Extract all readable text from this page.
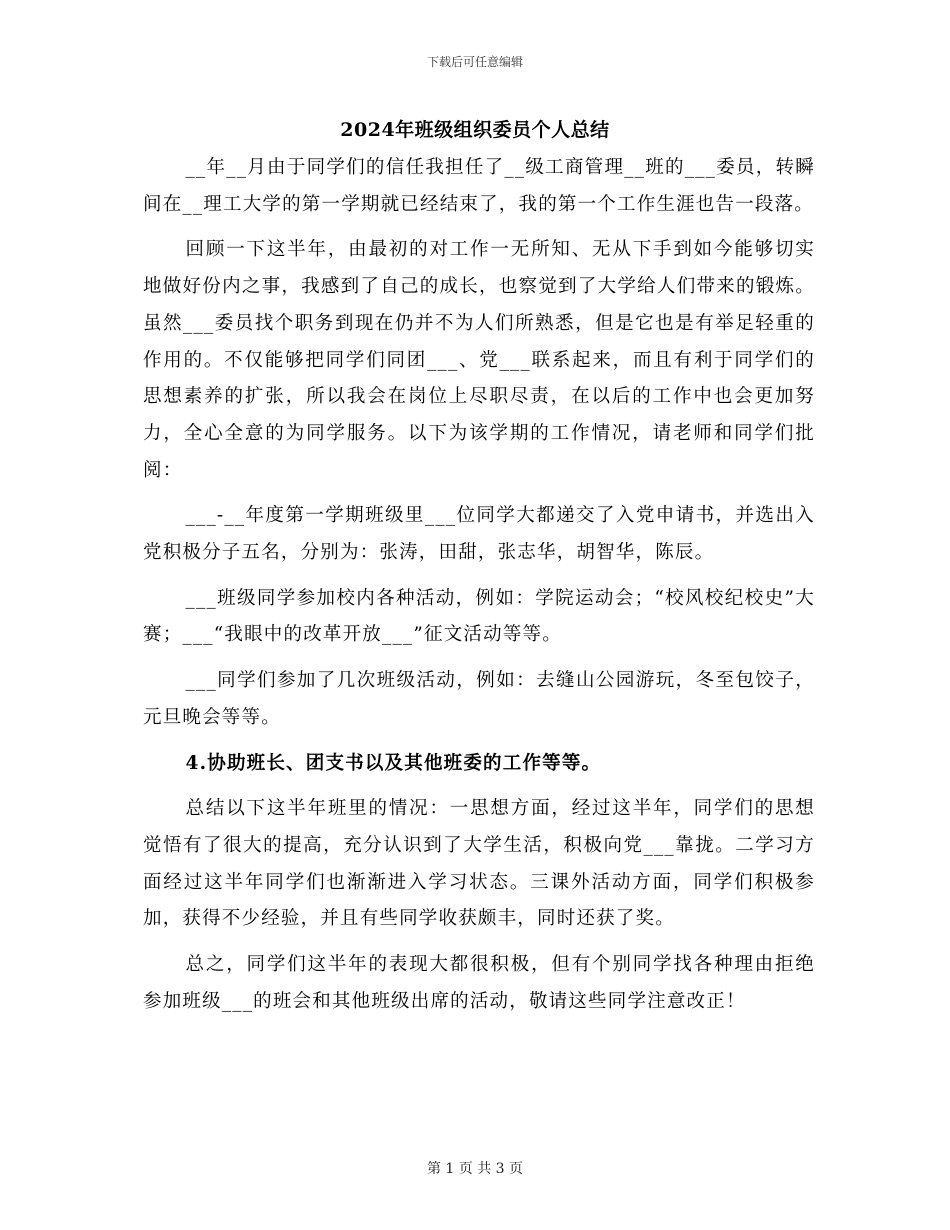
下载后可任意编辑
2024年班级组织委员个人总结

__年__月由于同学们的信任我担任了__级工商管理__班的___委员，转瞬间在__理工大学的第一学期就已经结束了，我的第一个工作生涯也告一段落。

回顾一下这半年，由最初的对工作一无所知、无从下手到如今能够切实地做好份内之事，我感到了自己的成长，也察觉到了大学给人们带来的锻炼。虽然___委员找个职务到现在仍并不为人们所熟悉，但是它也是有举足轻重的作用的。不仅能够把同学们同团___、党___联系起来，而且有利于同学们的思想素养的扩张，所以我会在岗位上尽职尽责，在以后的工作中也会更加努力，全心全意的为同学服务。以下为该学期的工作情况，请老师和同学们批阅：

___-__年度第一学期班级里___位同学大都递交了入党申请书，并选出入党积极分子五名，分别为：张涛，田甜，张志华，胡智华，陈辰。

___班级同学参加校内各种活动，例如：学院运动会；“校风校纪校史”大赛；___“我眼中的改革开放___”征文活动等等。

___同学们参加了几次班级活动，例如：去缝山公园游玩，冬至包饺子，元旦晚会等等。

4.协助班长、团支书以及其他班委的工作等等。

总结以下这半年班里的情况：一思想方面，经过这半年，同学们的思想觉悟有了很大的提高，充分认识到了大学生活，积极向党___靠拢。二学习方面经过这半年同学们也渐渐进入学习状态。三课外活动方面，同学们积极参加，获得不少经验，并且有些同学收获颇丰，同时还获了奖。

总之，同学们这半年的表现大都很积极，但有个别同学找各种理由拒绝参加班级___的班会和其他班级出席的活动，敬请这些同学注意改正！

第 1 页 共 3 页
